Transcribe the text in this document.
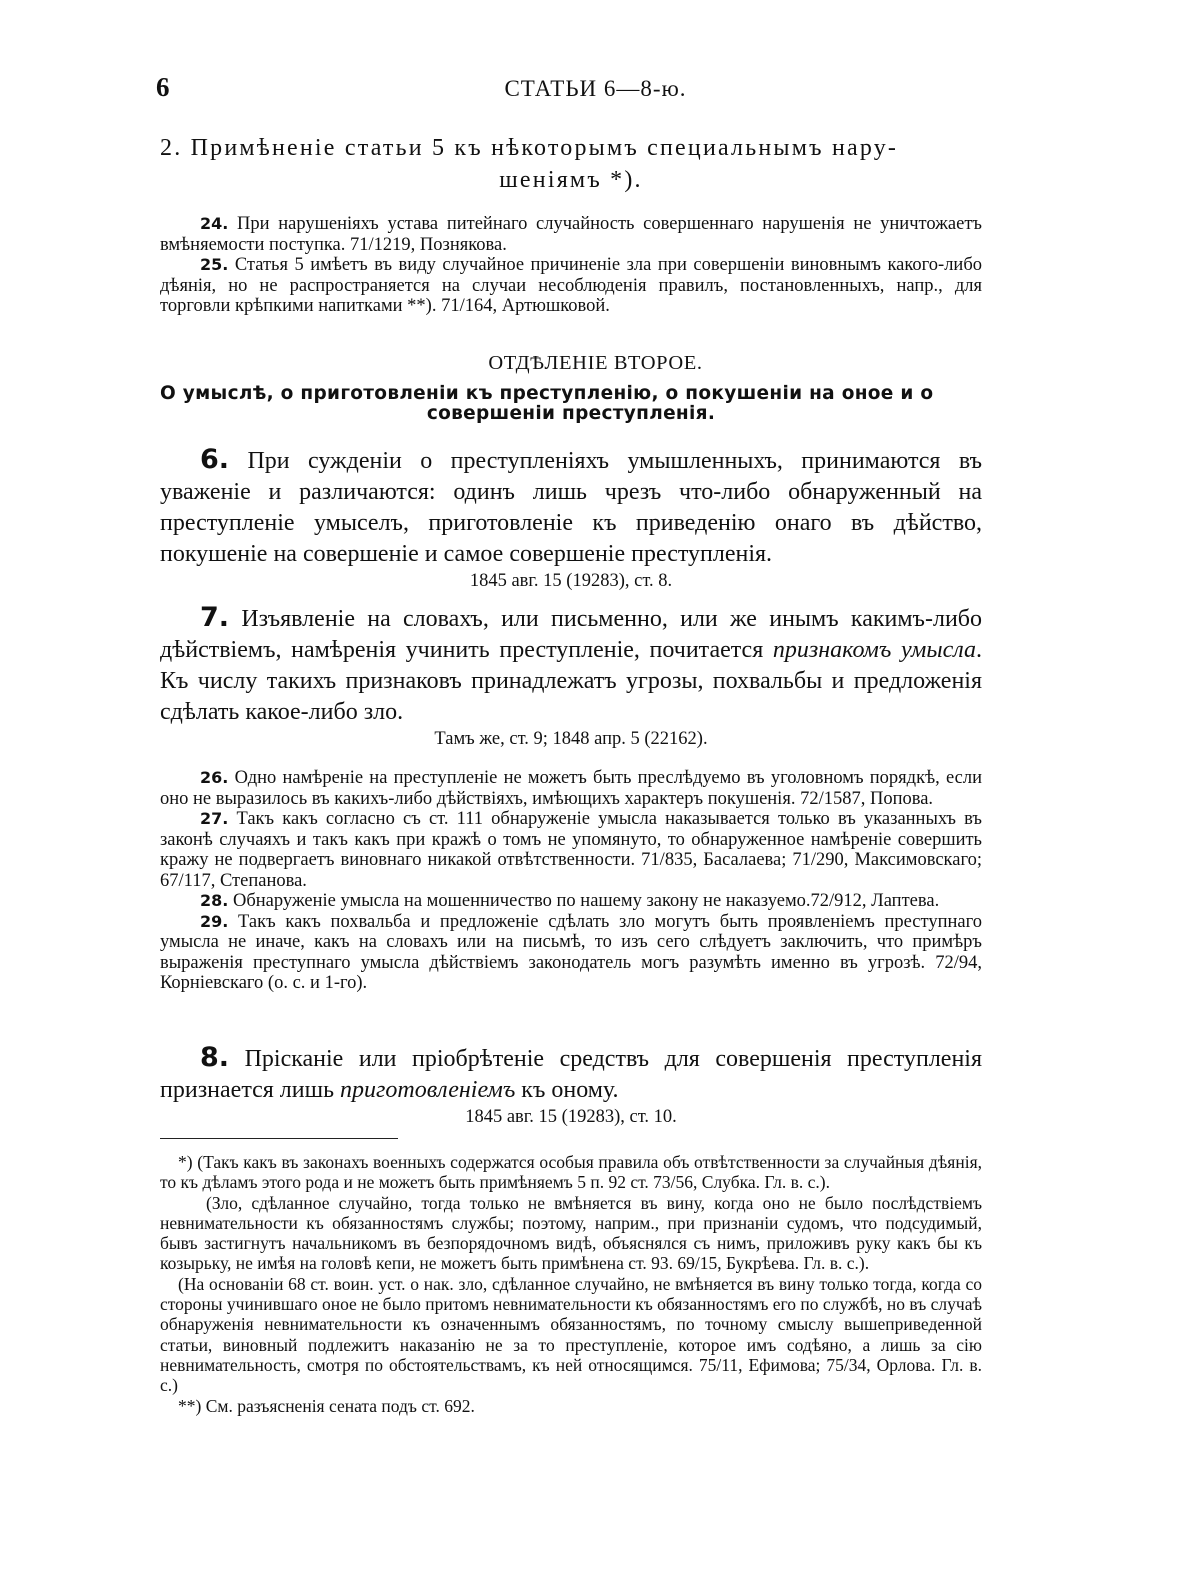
6	СТАТЬИ 6—8-ю.
2. Примѣненіе статьи 5 къ нѣкоторымъ специальнымъ нару-
шеніямъ *).

24. При нарушеніяхъ устава питейнаго случайность совершеннаго нарушенія не уничтожаетъ вмѣняемости поступка. 71/1219, Познякова.

25. Статья 5 имѣетъ въ виду случайное причиненіе зла при совершеніи виновнымъ какого-либо дѣянія, но не распространяется на случаи несоблюденія правилъ, постановленныхъ, напр., для торговли крѣпкими напитками **). 71/164, Артюшковой.

ОТДѢЛЕНІЕ ВТОРОЕ.
О умыслѣ, о приготовленіи къ преступленію, о покушеніи на оное и о
совершеніи преступленія.

6. При сужденіи о преступленіяхъ умышленныхъ, принимаются въ уваженіе и различаются: одинъ лишь чрезъ что-либо обнаруженный на преступленіе умыселъ, приготовленіе къ приведенію онаго въ дѣйство, покушеніе на совершеніе и самое совершеніе преступленія.

1845 авг. 15 (19283), ст. 8.

7. Изъявленіе на словахъ, или письменно, или же инымъ какимъ-либо дѣйствіемъ, намѣренія учинить преступленіе, почитается признакомъ умысла. Къ числу такихъ признаковъ принадлежатъ угрозы, похвальбы и предложенія сдѣлать какое-либо зло.

Тамъ же, ст. 9; 1848 апр. 5 (22162).

26. Одно намѣреніе на преступленіе не можетъ быть преслѣдуемо въ уголовномъ порядкѣ, если оно не выразилось въ какихъ-либо дѣйствіяхъ, имѣющихъ характеръ покушенія. 72/1587, Попова.

27. Такъ какъ согласно съ ст. 111 обнаруженіе умысла наказывается только въ указанныхъ въ законѣ случаяхъ и такъ какъ при кражѣ о томъ не упомянуто, то обнаруженное намѣреніе совершить кражу не подвергаетъ виновнаго никакой отвѣтственности. 71/835, Басалаева; 71/290, Максимовскаго; 67/117, Степанова.

28. Обнаруженіе умысла на мошенничество по нашему закону не наказуемо.72/912, Лаптева.

29. Такъ какъ похвальба и предложеніе сдѣлать зло могутъ быть проявленіемъ преступнаго умысла не иначе, какъ на словахъ или на письмѣ, то изъ сего слѣдуетъ заключить, что примѣръ выраженія преступнаго умысла дѣйствіемъ законодатель могъ разумѣть именно въ угрозѣ. 72/94, Корніевскаго (о. с. и 1-го).

8. Прісканіе или пріобрѣтеніе средствъ для совершенія преступленія признается лишь приготовленіемъ къ оному.

1845 авг. 15 (19283), ст. 10.

*) (Такъ какъ въ законахъ военныхъ содержатся особыя правила объ отвѣтственности за случайныя дѣянія, то къ дѣламъ этого рода и не можетъ быть примѣняемъ 5 п. 92 ст. 73/56, Слубка. Гл. в. с.).

(Зло, сдѣланное случайно, тогда только не вмѣняется въ вину, когда оно не было послѣдствіемъ невнимательности къ обязанностямъ службы; поэтому, наприм., при признаніи судомъ, что подсудимый, бывъ застигнутъ начальникомъ въ безпорядочномъ видѣ, объяснялся съ нимъ, приложивъ руку какъ бы къ козырьку, не имѣя на головѣ кепи, не можетъ быть примѣнена ст. 93. 69/15, Букрѣева. Гл. в. с.).

(На основаніи 68 ст. воин. уст. о нак. зло, сдѣланное случайно, не вмѣняется въ вину только тогда, когда со стороны учинившаго оное не было притомъ невнимательности къ обязанностямъ его по службѣ, но въ случаѣ обнаруженія невнимательности къ означеннымъ обязанностямъ, по точному смыслу вышеприведенной статьи, виновный подлежитъ наказанію не за то преступленіе, которое имъ содѣяно, а лишь за сію невнимательность, смотря по обстоятельствамъ, къ ней относящимся. 75/11, Ефимова; 75/34, Орлова. Гл. в. с.)

**) См. разъясненія сената подъ ст. 692.
